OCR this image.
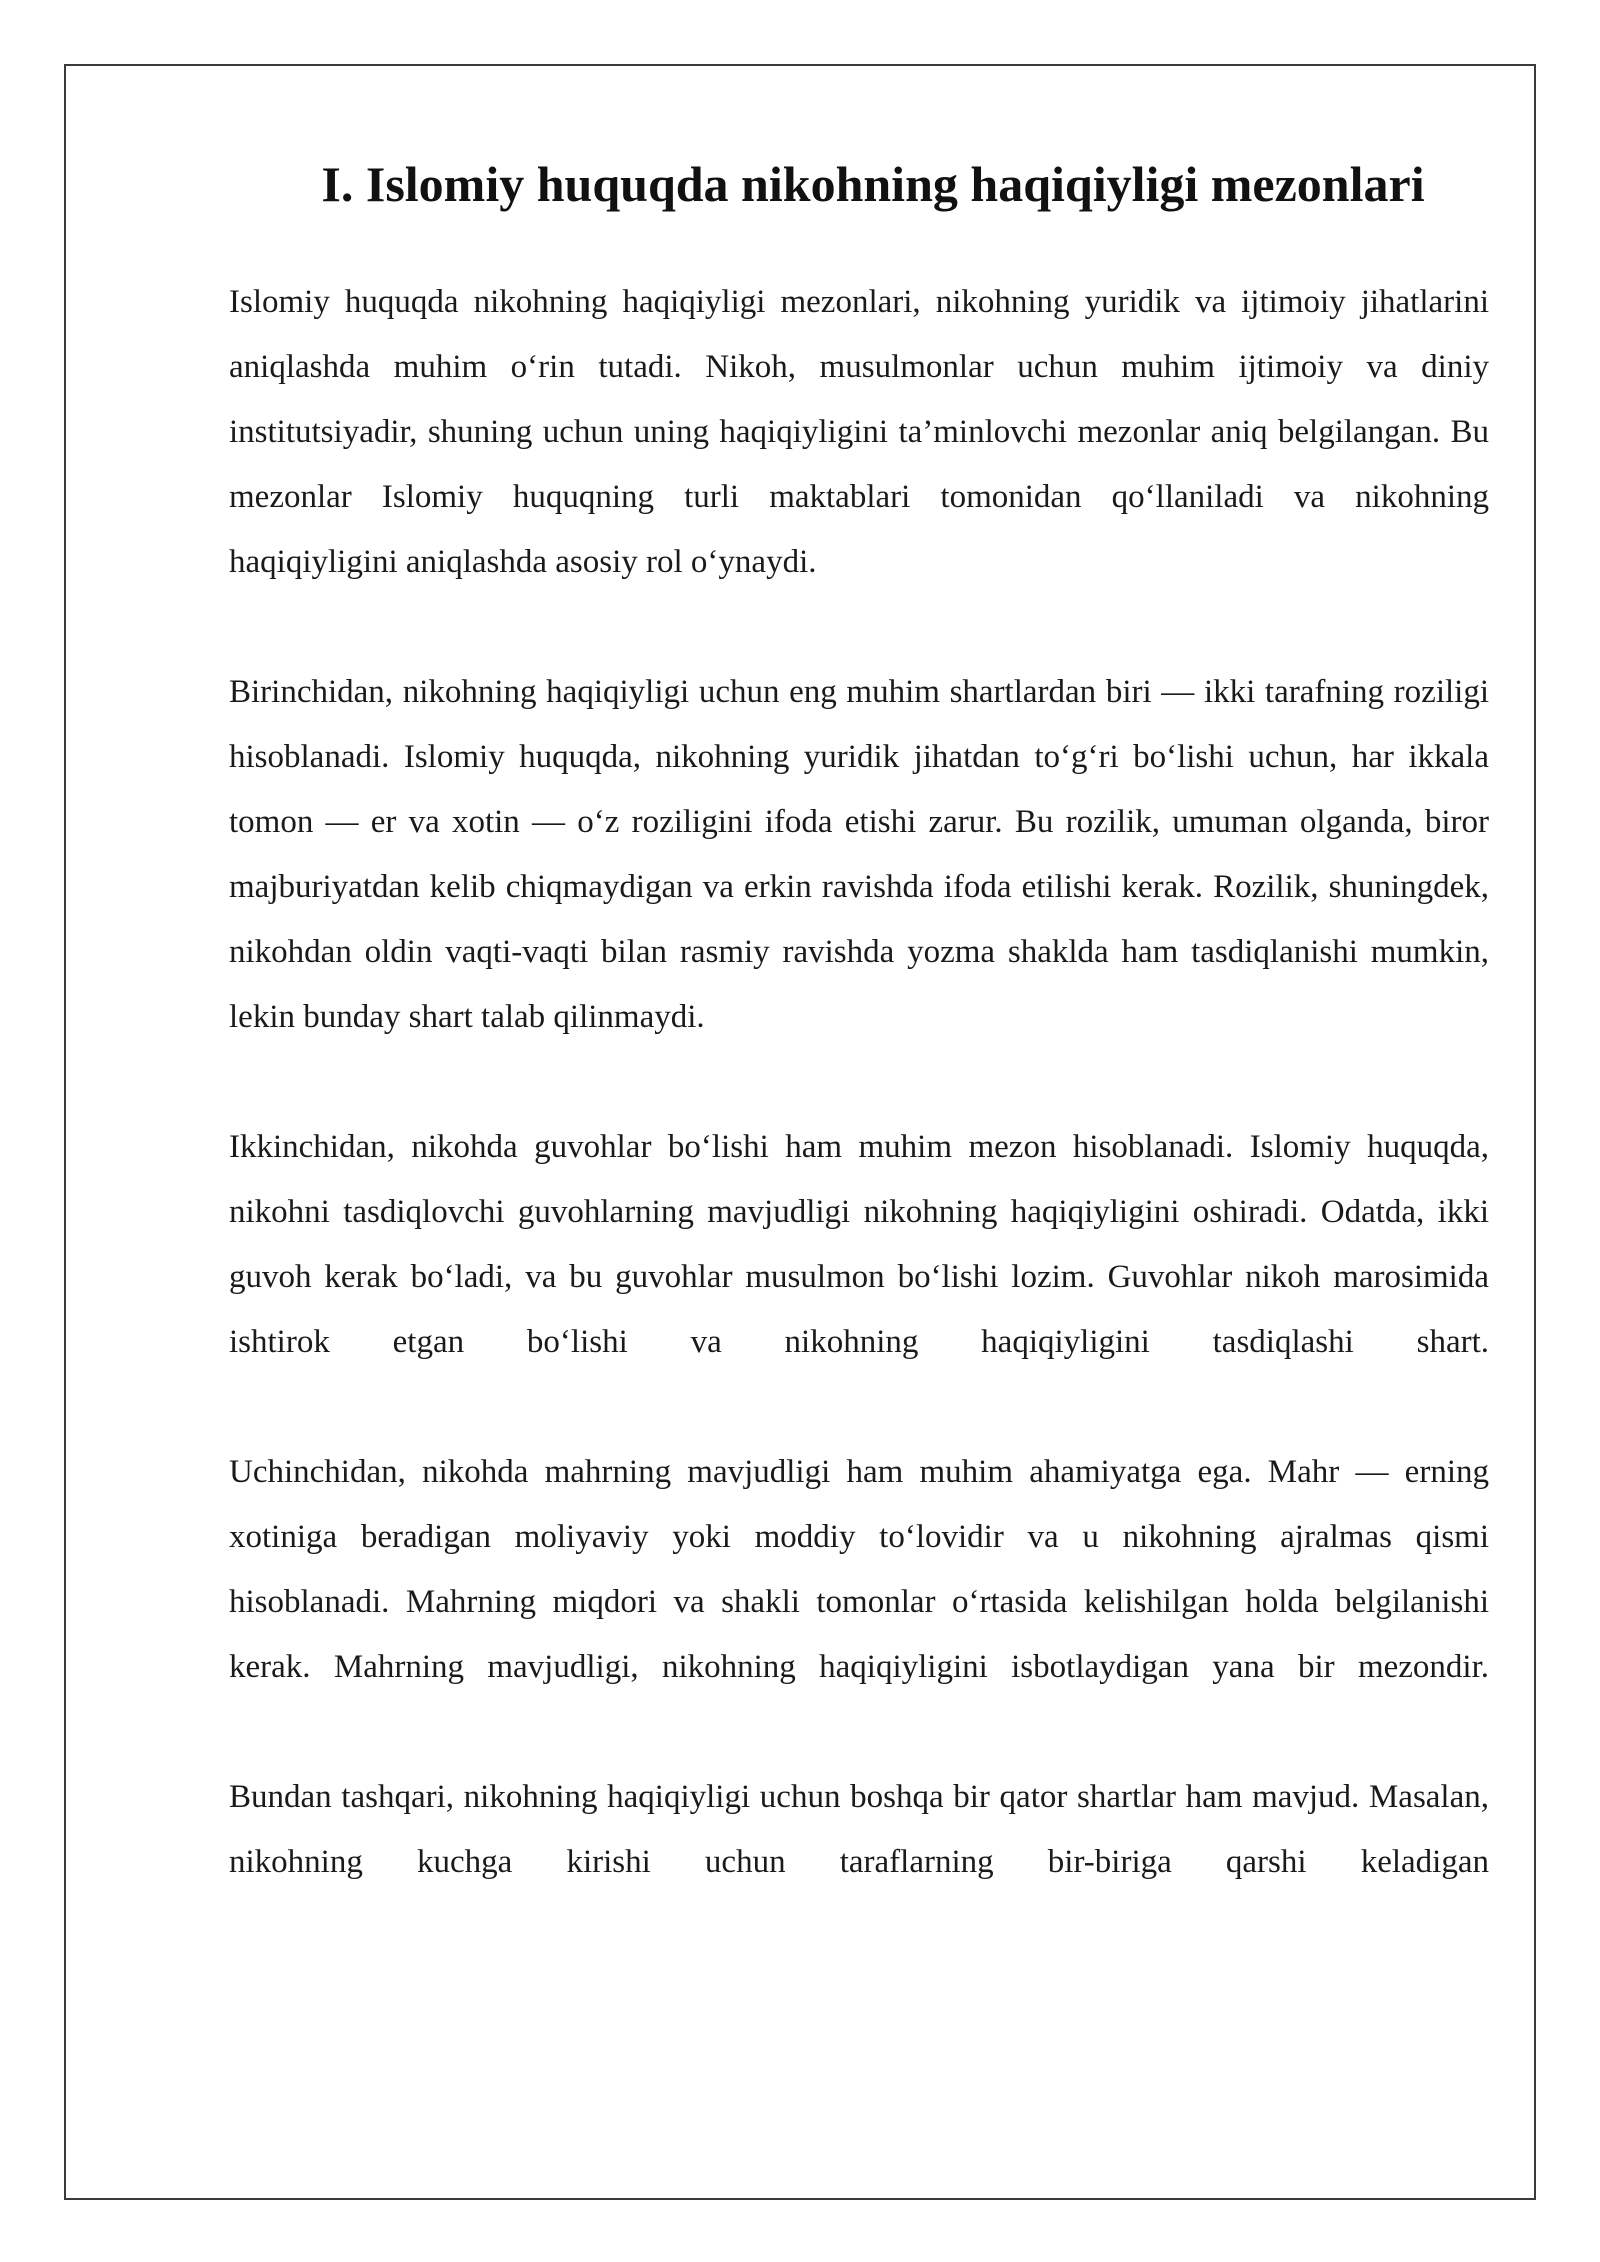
I. Islomiy huquqda nikohning haqiqiyligi mezonlari

Islomiy huquqda nikohning haqiqiyligi mezonlari, nikohning yuridik va ijtimoiy jihatlarini aniqlashda muhim o‘rin tutadi. Nikoh, musulmonlar uchun muhim ijtimoiy va diniy institutsiyadir, shuning uchun uning haqiqiyligini ta’minlovchi mezonlar aniq belgilangan. Bu mezonlar Islomiy huquqning turli maktablari tomonidan qo‘llaniladi va nikohning haqiqiyligini aniqlashda asosiy rol o‘ynaydi.

Birinchidan, nikohning haqiqiyligi uchun eng muhim shartlardan biri — ikki tarafning roziligi hisoblanadi. Islomiy huquqda, nikohning yuridik jihatdan to‘g‘ri bo‘lishi uchun, har ikkala tomon — er va xotin — o‘z roziligini ifoda etishi zarur. Bu rozilik, umuman olganda, biror majburiyatdan kelib chiqmaydigan va erkin ravishda ifoda etilishi kerak. Rozilik, shuningdek, nikohdan oldin vaqti-vaqti bilan rasmiy ravishda yozma shaklda ham tasdiqlanishi mumkin, lekin bunday shart talab qilinmaydi.

Ikkinchidan, nikohda guvohlar bo‘lishi ham muhim mezon hisoblanadi. Islomiy huquqda, nikohni tasdiqlovchi guvohlarning mavjudligi nikohning haqiqiyligini oshiradi. Odatda, ikki guvoh kerak bo‘ladi, va bu guvohlar musulmon bo‘lishi lozim. Guvohlar nikoh marosimida ishtirok etgan bo‘lishi va nikohning haqiqiyligini tasdiqlashi shart.

Uchinchidan, nikohda mahrning mavjudligi ham muhim ahamiyatga ega. Mahr — erning xotiniga beradigan moliyaviy yoki moddiy to‘lovidir va u nikohning ajralmas qismi hisoblanadi. Mahrning miqdori va shakli tomonlar o‘rtasida kelishilgan holda belgilanishi kerak. Mahrning mavjudligi, nikohning haqiqiyligini isbotlaydigan yana bir mezondir.

Bundan tashqari, nikohning haqiqiyligi uchun boshqa bir qator shartlar ham mavjud. Masalan, nikohning kuchga kirishi uchun taraflarning bir-biriga qarshi keladigan
